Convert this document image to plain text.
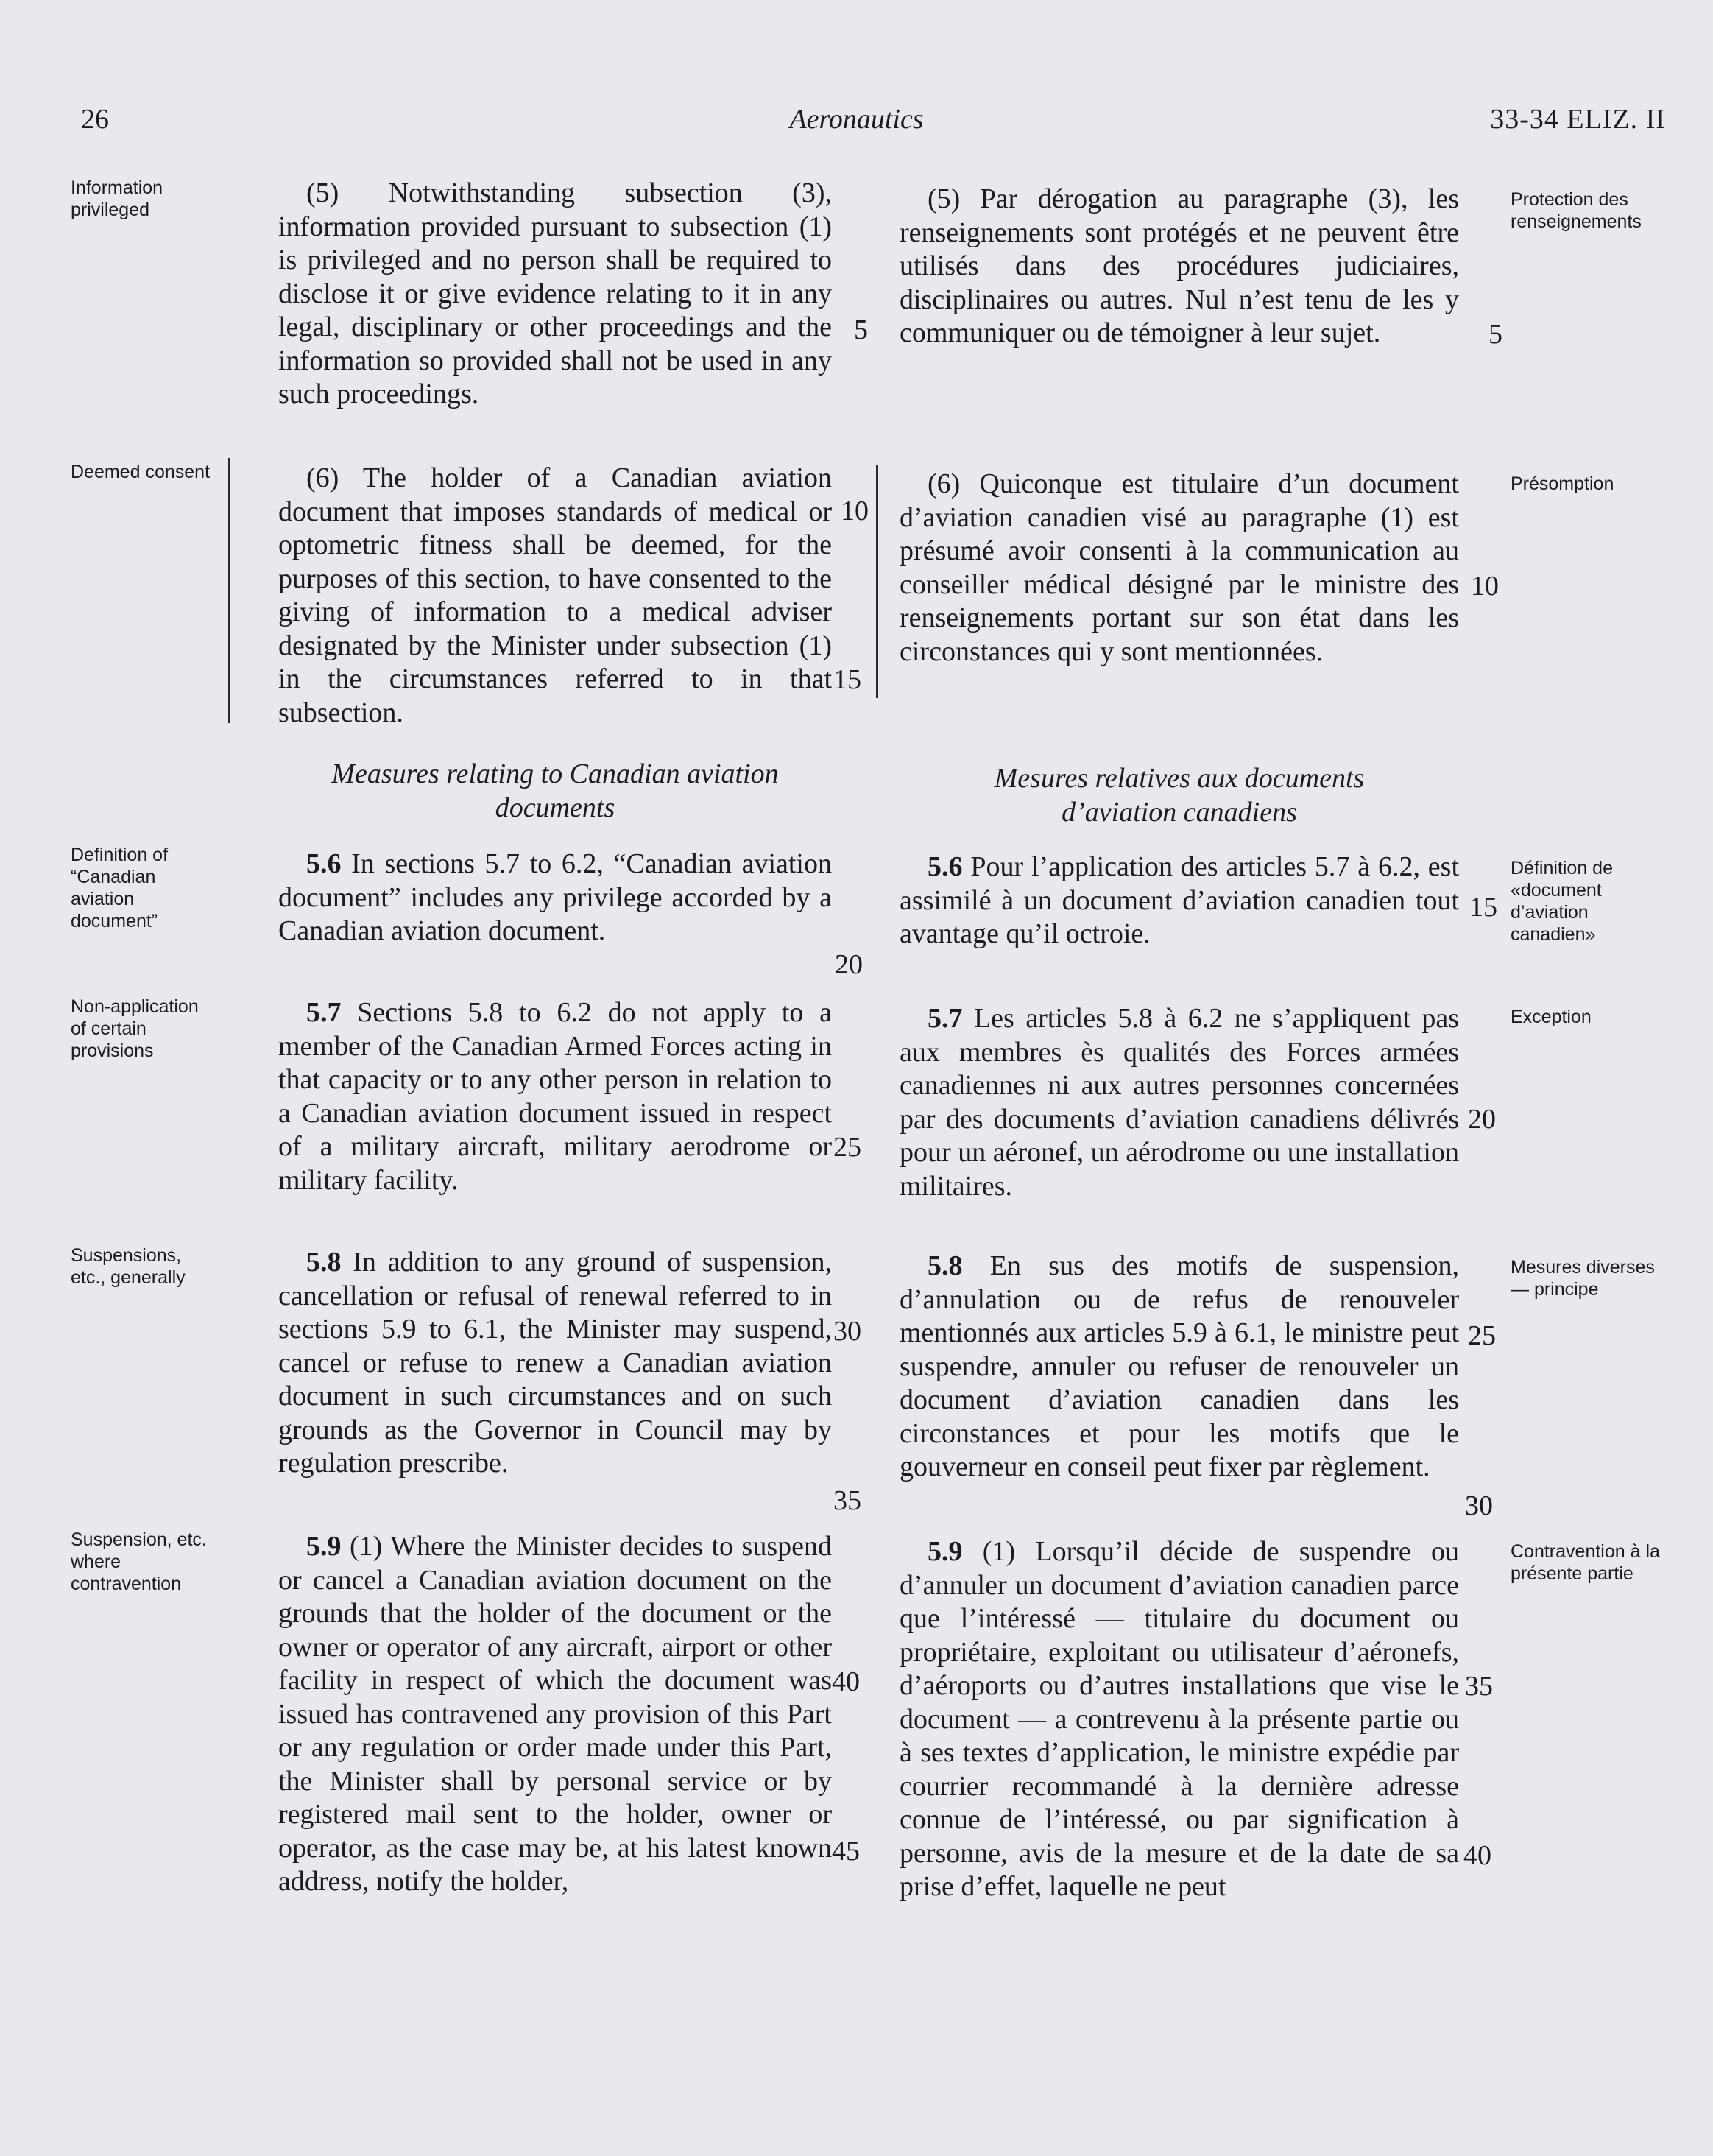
26	Aeronautics	33-34 ELIZ. II
Information privileged
Deemed consent
Definition of “Canadian aviation document”
Non-application of certain provisions
Suspensions, etc., generally
Suspension, etc. where contravention
Protection des renseignements
Présomption
Définition de «document d’aviation canadien»
Exception
Mesures diverses — principe
Contravention à la présente partie
(5) Notwithstanding subsection (3), information provided pursuant to subsection (1) is privileged and no person shall be required to disclose it or give evidence relating to it in any legal, disciplinary or other proceedings and the information so provided shall not be used in any such proceedings.
(6) The holder of a Canadian aviation document that imposes standards of medical or optometric fitness shall be deemed, for the purposes of this section, to have consented to the giving of information to a medical adviser designated by the Minister under subsection (1) in the circumstances referred to in that subsection.
Measures relating to Canadian aviation documents
5.6 In sections 5.7 to 6.2, “Canadian aviation document” includes any privilege accorded by a Canadian aviation document.
5.7 Sections 5.8 to 6.2 do not apply to a member of the Canadian Armed Forces acting in that capacity or to any other person in relation to a Canadian aviation document issued in respect of a military aircraft, military aerodrome or military facility.
5.8 In addition to any ground of suspension, cancellation or refusal of renewal referred to in sections 5.9 to 6.1, the Minister may suspend, cancel or refuse to renew a Canadian aviation document in such circumstances and on such grounds as the Governor in Council may by regulation prescribe.
5.9 (1) Where the Minister decides to suspend or cancel a Canadian aviation document on the grounds that the holder of the document or the owner or operator of any aircraft, airport or other facility in respect of which the document was issued has contravened any provision of this Part or any regulation or order made under this Part, the Minister shall by personal service or by registered mail sent to the holder, owner or operator, as the case may be, at his latest known address, notify the holder,
(5) Par dérogation au paragraphe (3), les renseignements sont protégés et ne peuvent être utilisés dans des procédures judiciaires, disciplinaires ou autres. Nul n’est tenu de les y communiquer ou de témoigner à leur sujet.
(6) Quiconque est titulaire d’un document d’aviation canadien visé au paragraphe (1) est présumé avoir consenti à la communication au conseiller médical désigné par le ministre des renseignements portant sur son état dans les circonstances qui y sont mentionnées.
Mesures relatives aux documents d’aviation canadiens
5.6 Pour l’application des articles 5.7 à 6.2, est assimilé à un document d’aviation canadien tout avantage qu’il octroie.
5.7 Les articles 5.8 à 6.2 ne s’appliquent pas aux membres ès qualités des Forces armées canadiennes ni aux autres personnes concernées par des documents d’aviation canadiens délivrés pour un aéronef, un aérodrome ou une installation militaires.
5.8 En sus des motifs de suspension, d’annulation ou de refus de renouveler mentionnés aux articles 5.9 à 6.1, le ministre peut suspendre, annuler ou refuser de renouveler un document d’aviation canadien dans les circonstances et pour les motifs que le gouverneur en conseil peut fixer par règlement.
5.9 (1) Lorsqu’il décide de suspendre ou d’annuler un document d’aviation canadien parce que l’intéressé — titulaire du document ou propriétaire, exploitant ou utilisateur d’aéronefs, d’aéroports ou d’autres installations que vise le document — a contrevenu à la présente partie ou à ses textes d’application, le ministre expédie par courrier recommandé à la dernière adresse connue de l’intéressé, ou par signification à personne, avis de la mesure et de la date de sa prise d’effet, laquelle ne peut
5
10
15
20
25
30
35
40
45
5
10
15
20
25
30
35
40
